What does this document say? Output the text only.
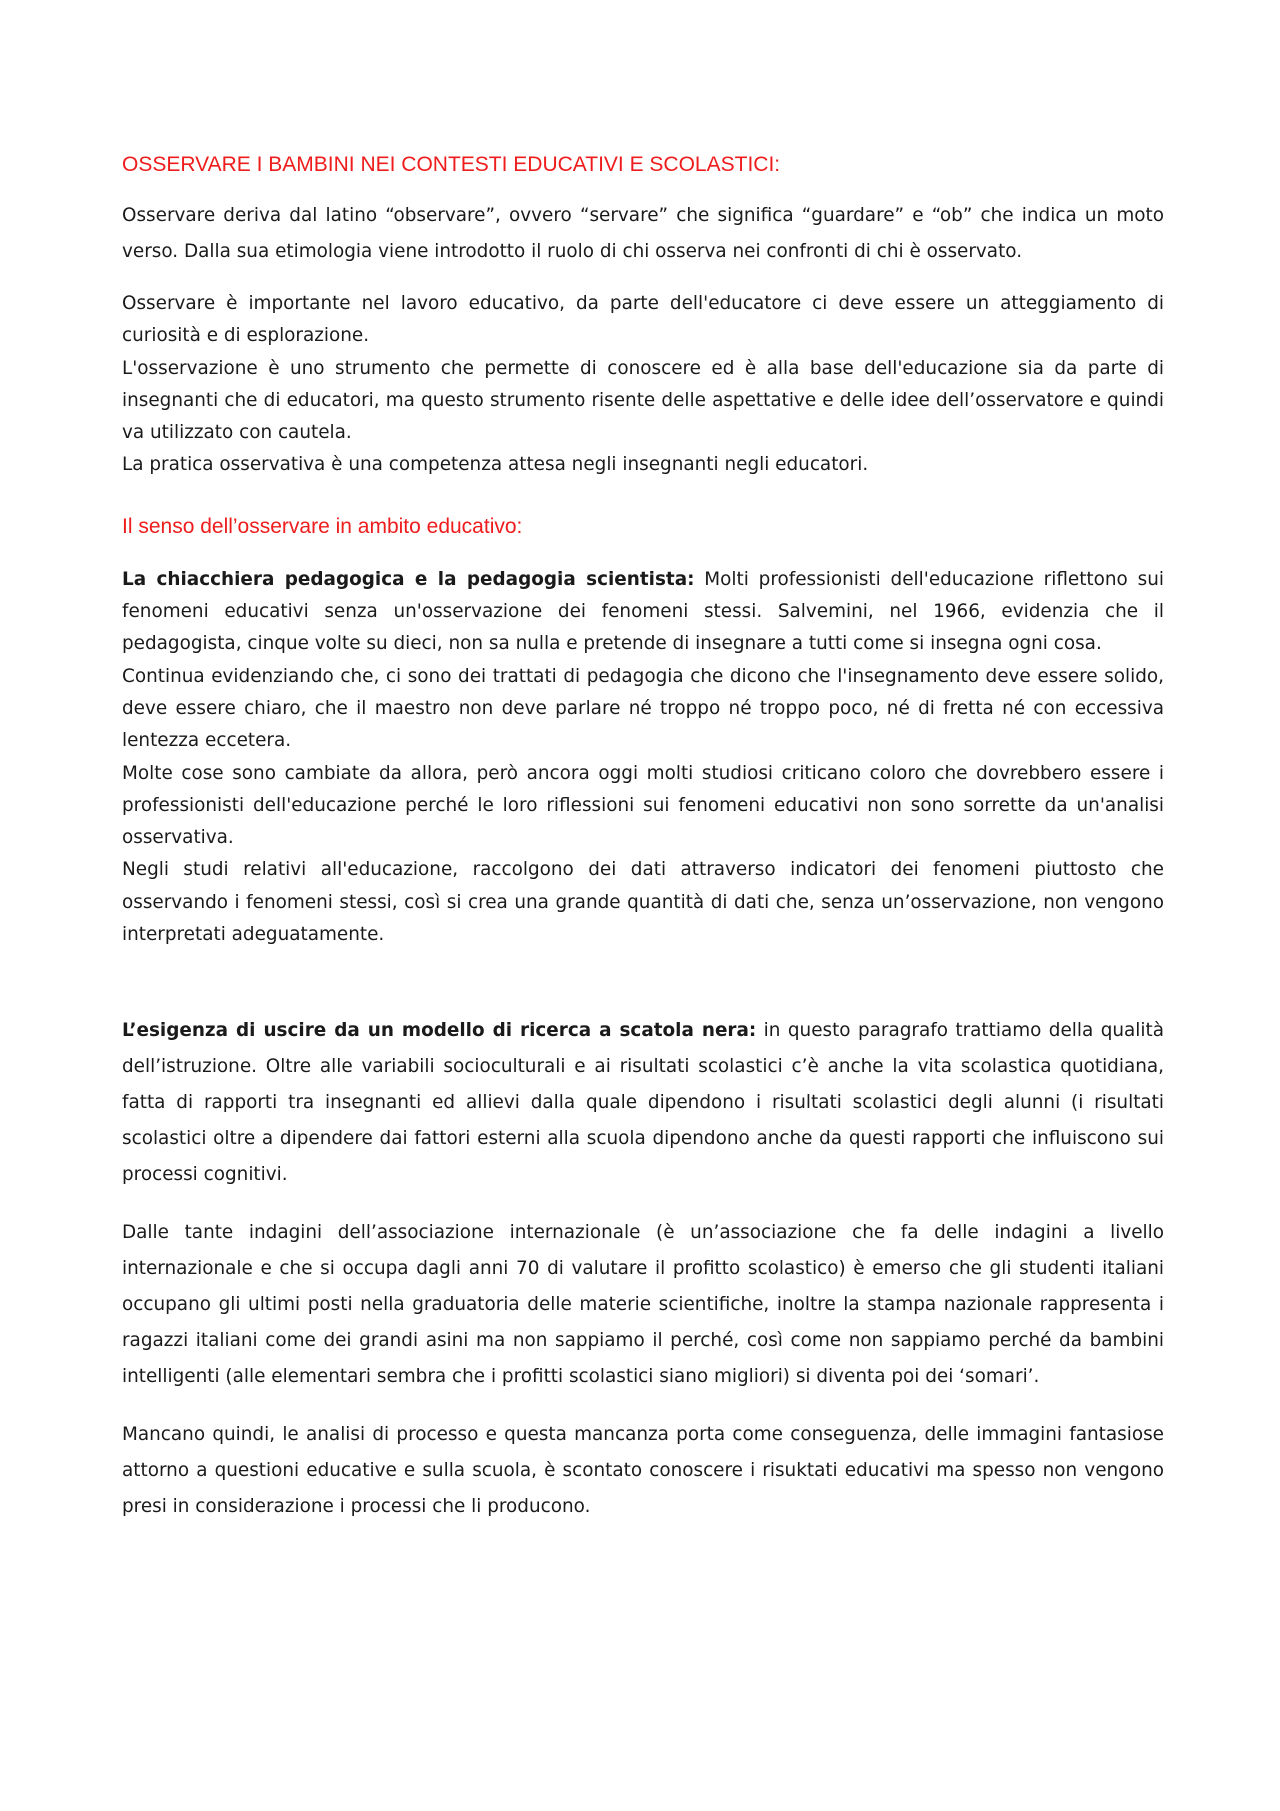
OSSERVARE I BAMBINI NEI CONTESTI EDUCATIVI E SCOLASTICI:

Osservare deriva dal latino “observare”, ovvero “servare” che significa “guardare” e “ob” che indica un moto verso. Dalla sua etimologia viene introdotto il ruolo di chi osserva nei confronti di chi è osservato.

Osservare è importante nel lavoro educativo, da parte dell'educatore ci deve essere un atteggiamento di curiosità e di esplorazione.

L'osservazione è uno strumento che permette di conoscere ed è alla base dell'educazione sia da parte di insegnanti che di educatori, ma questo strumento risente delle aspettative e delle idee dell’osservatore e quindi va utilizzato con cautela.

La pratica osservativa è una competenza attesa negli insegnanti negli educatori.

Il senso dell’osservare in ambito educativo:

La chiacchiera pedagogica e la pedagogia scientista: Molti professionisti dell'educazione riflettono sui fenomeni educativi senza un'osservazione dei fenomeni stessi. Salvemini, nel 1966, evidenzia che il pedagogista, cinque volte su dieci, non sa nulla e pretende di insegnare a tutti come si insegna ogni cosa.

Continua evidenziando che, ci sono dei trattati di pedagogia che dicono che l'insegnamento deve essere solido, deve essere chiaro, che il maestro non deve parlare né troppo né troppo poco, né di fretta né con eccessiva lentezza eccetera.

Molte cose sono cambiate da allora, però ancora oggi molti studiosi criticano coloro che dovrebbero essere i professionisti dell'educazione perché le loro riflessioni sui fenomeni educativi non sono sorrette da un'analisi osservativa.

Negli studi relativi all'educazione, raccolgono dei dati attraverso indicatori dei fenomeni piuttosto che osservando i fenomeni stessi, così si crea una grande quantità di dati che, senza un’osservazione, non vengono interpretati adeguatamente.

L’esigenza di uscire da un modello di ricerca a scatola nera: in questo paragrafo trattiamo della qualità dell’istruzione. Oltre alle variabili socioculturali e ai risultati scolastici c’è anche la vita scolastica quotidiana, fatta di rapporti tra insegnanti ed allievi dalla quale dipendono i risultati scolastici degli alunni (i risultati scolastici oltre a dipendere dai fattori esterni alla scuola dipendono anche da questi rapporti che influiscono sui processi cognitivi.

Dalle tante indagini dell’associazione internazionale (è un’associazione che fa delle indagini a livello internazionale e che si occupa dagli anni 70 di valutare il profitto scolastico) è emerso che gli studenti italiani occupano gli ultimi posti nella graduatoria delle materie scientifiche, inoltre la stampa nazionale rappresenta i ragazzi italiani come dei grandi asini ma non sappiamo il perché, così come non sappiamo perché da bambini intelligenti (alle elementari sembra che i profitti scolastici siano migliori) si diventa poi dei ‘somari’.

Mancano quindi, le analisi di processo e questa mancanza porta come conseguenza, delle immagini fantasiose attorno a questioni educative e sulla scuola, è scontato conoscere i risuktati educativi ma spesso non vengono presi in considerazione i processi che li producono.
